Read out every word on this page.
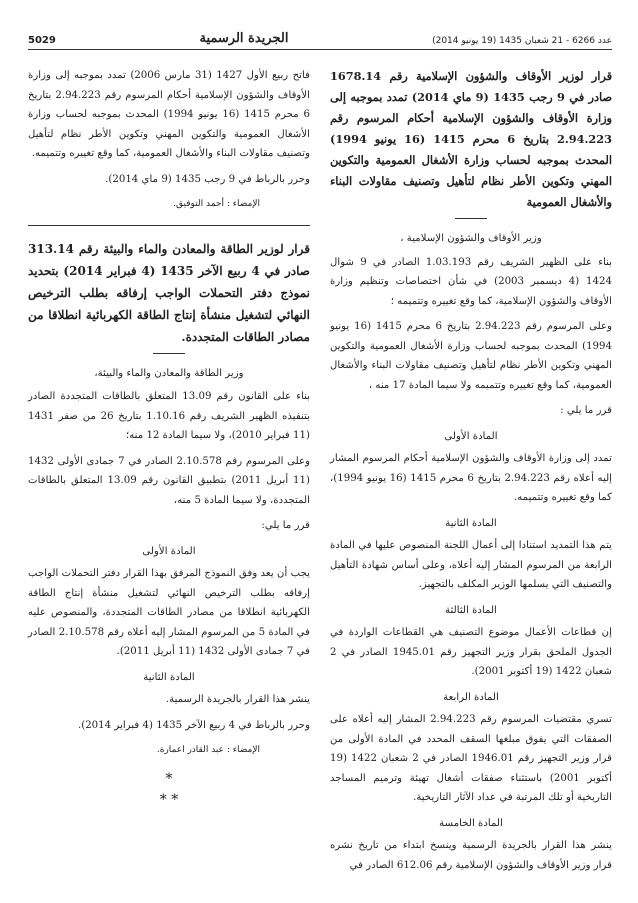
5029	الجريدة الرسمية	عدد 6266 - 21 شعبان 1435 (19 يونيو 2014)

قرار لوزير الأوقاف والشؤون الإسلامية رقم 1678.14 صادر في 9 رجب 1435 (9 ماي 2014) تمدد بموجبه إلى وزارة الأوقاف والشؤون الإسلامية أحكام المرسوم رقم 2.94.223 بتاريخ 6 محرم 1415 (16 يونيو 1994) المحدث بموجبه لحساب وزارة الأشغال العمومية والتكوين المهني وتكوين الأطر نظام لتأهيل وتصنيف مقاولات البناء والأشغال العمومية

وزير الأوقاف والشؤون الإسلامية ،

بناء على الظهير الشريف رقم 1.03.193 الصادر في 9 شوال 1424 (4 ديسمبر 2003) في شأن اختصاصات وتنظيم وزارة الأوقاف والشؤون الإسلامية، كما وقع تغييره وتتميمه ؛

وعلى المرسوم رقم 2.94.223 بتاريخ 6 محرم 1415 (16 يونيو 1994) المحدث بموجبه لحساب وزارة الأشغال العمومية والتكوين المهني وتكوين الأطر نظام لتأهيل وتصنيف مقاولات البناء والأشغال العمومية، كما وقع تغييره وتتميمه ولا سيما المادة 17 منه ،

قرر ما يلي :

المادة الأولى

تمدد إلى وزارة الأوقاف والشؤون الإسلامية أحكام المرسوم المشار إليه أعلاه رقم 2.94.223 بتاريخ 6 محرم 1415 (16 يونيو 1994)، كما وقع تغييره وتتميمه.

المادة الثانية

يتم هذا التمديد استنادا إلى أعمال اللجنة المنصوص عليها في المادة الرابعة من المرسوم المشار إليه أعلاه، وعلى أساس شهادة التأهيل والتصنيف التي يسلمها الوزير المكلف بالتجهيز.

المادة الثالثة

إن قطاعات الأعمال موضوع التصنيف هي القطاعات الواردة في الجدول الملحق بقرار وزير التجهيز رقم 1945.01 الصادر في 2 شعبان 1422 (19 أكتوبر 2001).

المادة الرابعة

تسري مقتضيات المرسوم رقم 2.94.223 المشار إليه أعلاه على الصفقات التي يفوق مبلغها السقف المحدد في المادة الأولى من قرار وزير التجهيز رقم 1946.01 الصادر في 2 شعبان 1422 (19 أكتوبر 2001) باستثناء صفقات أشغال تهيئة وترميم المساجد التاريخية أو تلك المرتبة في عداد الآثار التاريخية.

المادة الخامسة

ينشر هذا القرار بالجريدة الرسمية وينسخ ابتداء من تاريخ نشره قرار وزير الأوقاف والشؤون الإسلامية رقم 612.06 الصادر في

فاتح ربيع الأول 1427 (31 مارس 2006) تمدد بموجبه إلى وزارة الأوقاف والشؤون الإسلامية أحكام المرسوم رقم 2.94.223 بتاريخ 6 محرم 1415 (16 يونيو 1994) المحدث بموجبه لحساب وزارة الأشغال العمومية والتكوين المهني وتكوين الأطر نظام لتأهيل وتصنيف مقاولات البناء والأشغال العمومية، كما وقع تغييره وتتميمه.

وحرر بالرباط في 9 رجب 1435 (9 ماي 2014).

الإمضاء : أحمد التوفيق.

قرار لوزير الطاقة والمعادن والماء والبيئة رقم 313.14 صادر في 4 ربيع الآخر 1435 (4 فبراير 2014) بتحديد نموذج دفتر التحملات الواجب إرفاقه بطلب الترخيص النهائي لتشغيل منشأة إنتاج الطاقة الكهربائية انطلاقا من مصادر الطاقات المتجددة.

وزير الطاقة والمعادن والماء والبيئة،

بناء على القانون رقم 13.09 المتعلق بالطاقات المتجددة الصادر بتنفيذه الظهير الشريف رقم 1.10.16 بتاريخ 26 من صفر 1431 (11 فبراير 2010)، ولا سيما المادة 12 منه؛

وعلى المرسوم رقم 2.10.578 الصادر في 7 جمادى الأولى 1432 (11 أبريل 2011) بتطبيق القانون رقم 13.09 المتعلق بالطاقات المتجددة، ولا سيما المادة 5 منه،

قرر ما يلي:

المادة الأولى

يجب أن يعد وفق النموذج المرفق بهذا القرار دفتر التحملات الواجب إرفاقه بطلب الترخيص النهائي لتشغيل منشأة إنتاج الطاقة الكهربائية انطلاقا من مصادر الطاقات المتجددة، والمنصوص عليه في المادة 5 من المرسوم المشار إليه أعلاه رقم 2.10.578 الصادر في 7 جمادى الأولى 1432 (11 أبريل 2011).

المادة الثانية

ينشر هذا القرار بالجريدة الرسمية.

وحرر بالرباط في 4 ربيع الآخر 1435 (4 فبراير 2014).

الإمضاء : عبد القادر اعمارة.

*
* *
